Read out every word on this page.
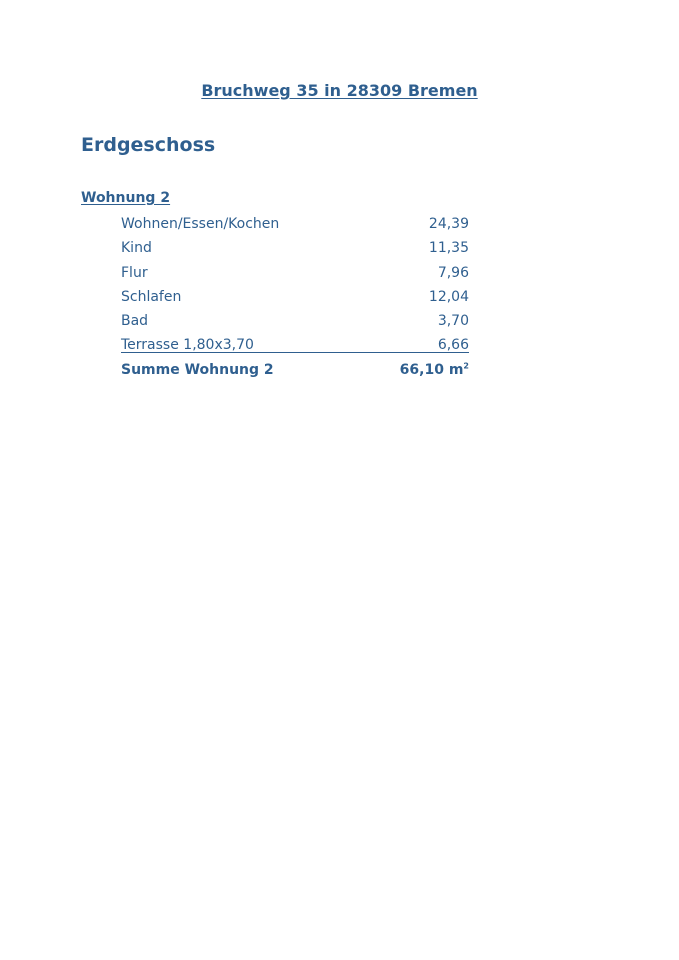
Bruchweg 35 in 28309 Bremen
Erdgeschoss
Wohnung 2
Wohnen/Essen/Kochen	24,39
Kind	11,35
Flur	7,96
Schlafen	12,04
Bad	3,70
Terrasse 1,80x3,70	6,66
Summe Wohnung 2	66,10 $m^2$
